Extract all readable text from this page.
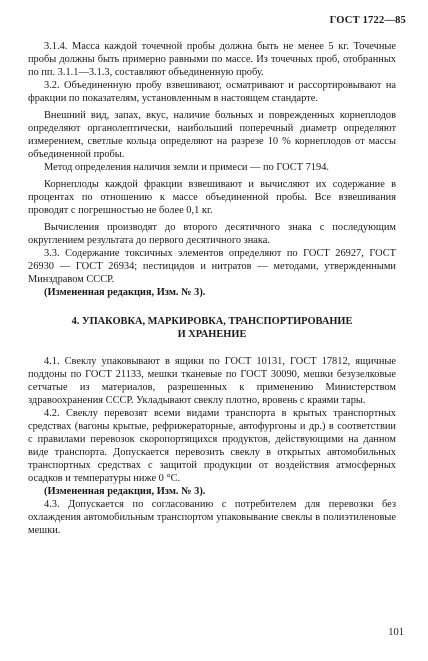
ГОСТ 1722—85

3.1.4. Масса каждой точечной пробы должна быть не менее 5 кг. Точечные пробы должны быть примерно равными по массе. Из точечных проб, отобранных по пп. 3.1.1—3.1.3, составляют объединенную пробу.

3.2. Объединенную пробу взвешивают, осматривают и рассортировывают на фракции по показателям, установленным в настоящем стандарте.

Внешний вид, запах, вкус, наличие больных и поврежденных корнеплодов определяют органолептически, наибольший поперечный диаметр определяют измерением, светлые кольца определяют на разрезе 10 % корнеплодов от массы объединенной пробы.

Метод определения наличия земли и примеси — по ГОСТ 7194.

Корнеплоды каждой фракции взвешивают и вычисляют их содержание в процентах по отношению к массе объединенной пробы. Все взвешивания проводят с погрешностью не более 0,1 кг.

Вычисления производят до второго десятичного знака с последующим округлением результата до первого десятичного знака.

3.3. Содержание токсичных элементов определяют по ГОСТ 26927, ГОСТ 26930 — ГОСТ 26934; пестицидов и нитратов — методами, утвержденными Минздравом СССР.

(Измененная редакция, Изм. № 3).

4. УПАКОВКА, МАРКИРОВКА, ТРАНСПОРТИРОВАНИЕ
И ХРАНЕНИЕ

4.1. Свеклу упаковывают в ящики по ГОСТ 10131, ГОСТ 17812, ящичные поддоны по ГОСТ 21133, мешки тканевые по ГОСТ 30090, мешки безузелковые сетчатые из материалов, разрешенных к применению Министерством здравоохранения СССР. Укладывают свеклу плотно, вровень с краями тары.

4.2. Свеклу перевозят всеми видами транспорта в крытых транспортных средствах (вагоны крытые, рефрижераторные, автофургоны и др.) в соответствии с правилами перевозок скоропортящихся продуктов, действующими на данном виде транспорта. Допускается перевозить свеклу в открытых автомобильных транспортных средствах с защитой продукции от воздействия атмосферных осадков и температуры ниже 0 °С.

(Измененная редакция, Изм. № 3).

4.3. Допускается по согласованию с потребителем для перевозки без охлаждения автомобильным транспортом упаковывание свеклы в полиэтиленовые мешки.

101
